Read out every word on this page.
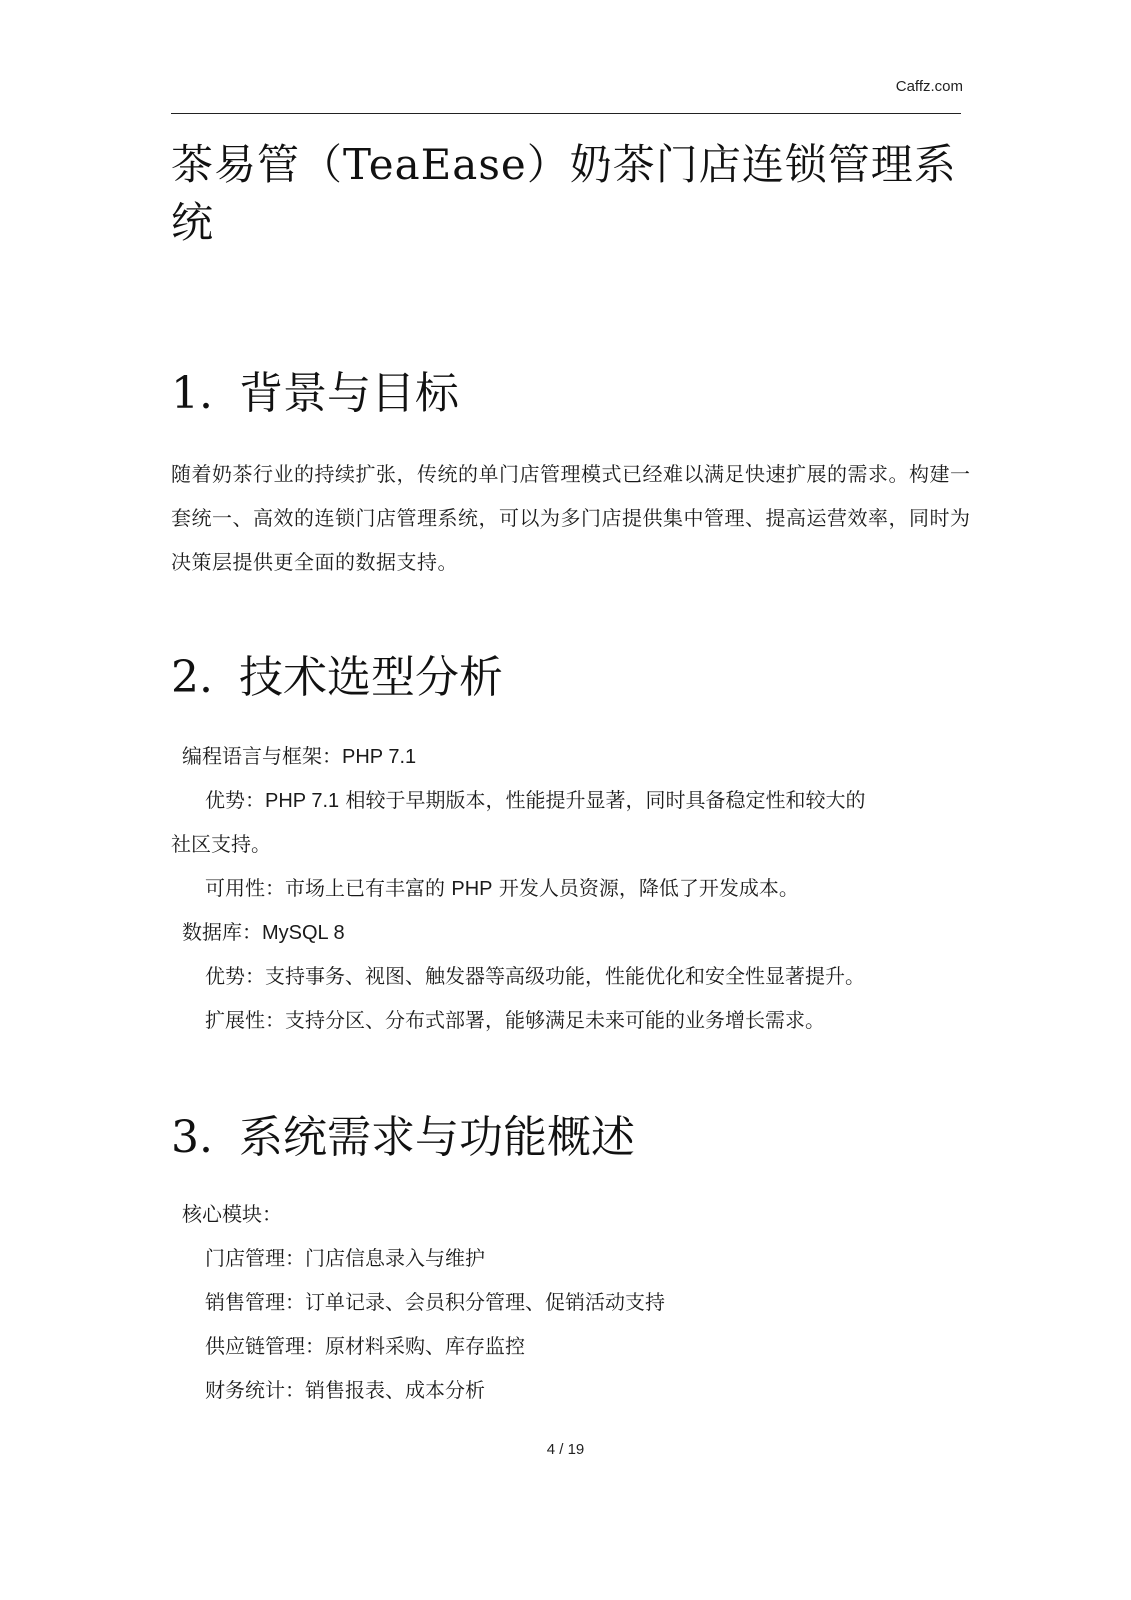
Caffz.com
茶易管（TeaEase）奶茶门店连锁管理系统
1. 背景与目标

随着奶茶行业的持续扩张，传统的单门店管理模式已经难以满足快速扩展的需求。构建一套统一、高效的连锁门店管理系统，可以为多门店提供集中管理、提高运营效率，同时为决策层提供更全面的数据支持。

2. 技术选型分析

编程语言与框架：PHP 7.1

优势：PHP 7.1 相较于早期版本，性能提升显著，同时具备稳定性和较大的

社区支持。

可用性：市场上已有丰富的 PHP 开发人员资源，降低了开发成本。

数据库：MySQL 8

优势：支持事务、视图、触发器等高级功能，性能优化和安全性显著提升。

扩展性：支持分区、分布式部署，能够满足未来可能的业务增长需求。

3. 系统需求与功能概述

核心模块：

门店管理：门店信息录入与维护

销售管理：订单记录、会员积分管理、促销活动支持

供应链管理：原材料采购、库存监控

财务统计：销售报表、成本分析

4 / 19
